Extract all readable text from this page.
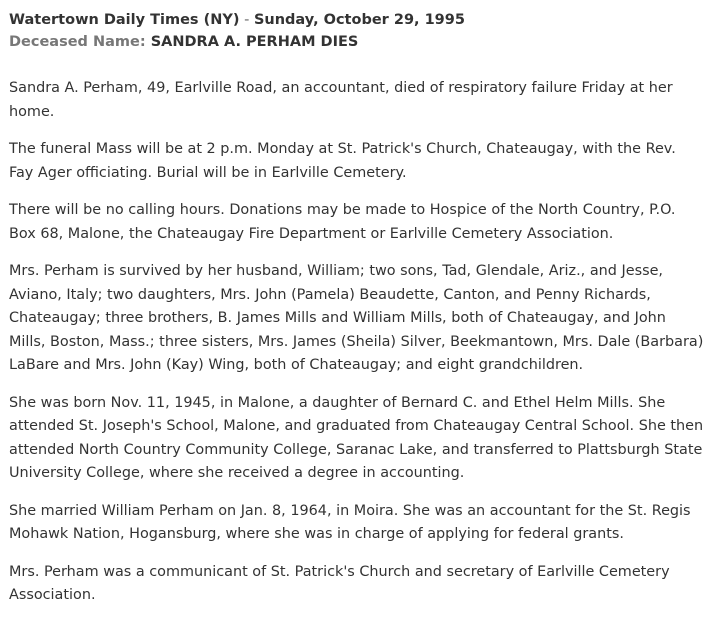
Watertown Daily Times (NY) - Sunday, October 29, 1995
Deceased Name: SANDRA A. PERHAM DIES

Sandra A. Perham, 49, Earlville Road, an accountant, died of respiratory failure Friday at her home.

The funeral Mass will be at 2 p.m. Monday at St. Patrick's Church, Chateaugay, with the Rev. Fay Ager officiating. Burial will be in Earlville Cemetery.

There will be no calling hours. Donations may be made to Hospice of the North Country, P.O. Box 68, Malone, the Chateaugay Fire Department or Earlville Cemetery Association.

Mrs. Perham is survived by her husband, William; two sons, Tad, Glendale, Ariz., and Jesse, Aviano, Italy; two daughters, Mrs. John (Pamela) Beaudette, Canton, and Penny Richards, Chateaugay; three brothers, B. James Mills and William Mills, both of Chateaugay, and John Mills, Boston, Mass.; three sisters, Mrs. James (Sheila) Silver, Beekmantown, Mrs. Dale (Barbara) LaBare and Mrs. John (Kay) Wing, both of Chateaugay; and eight grandchildren.

She was born Nov. 11, 1945, in Malone, a daughter of Bernard C. and Ethel Helm Mills. She attended St. Joseph's School, Malone, and graduated from Chateaugay Central School. She then attended North Country Community College, Saranac Lake, and transferred to Plattsburgh State University College, where she received a degree in accounting.

She married William Perham on Jan. 8, 1964, in Moira. She was an accountant for the St. Regis Mohawk Nation, Hogansburg, where she was in charge of applying for federal grants.

Mrs. Perham was a communicant of St. Patrick's Church and secretary of Earlville Cemetery Association.
